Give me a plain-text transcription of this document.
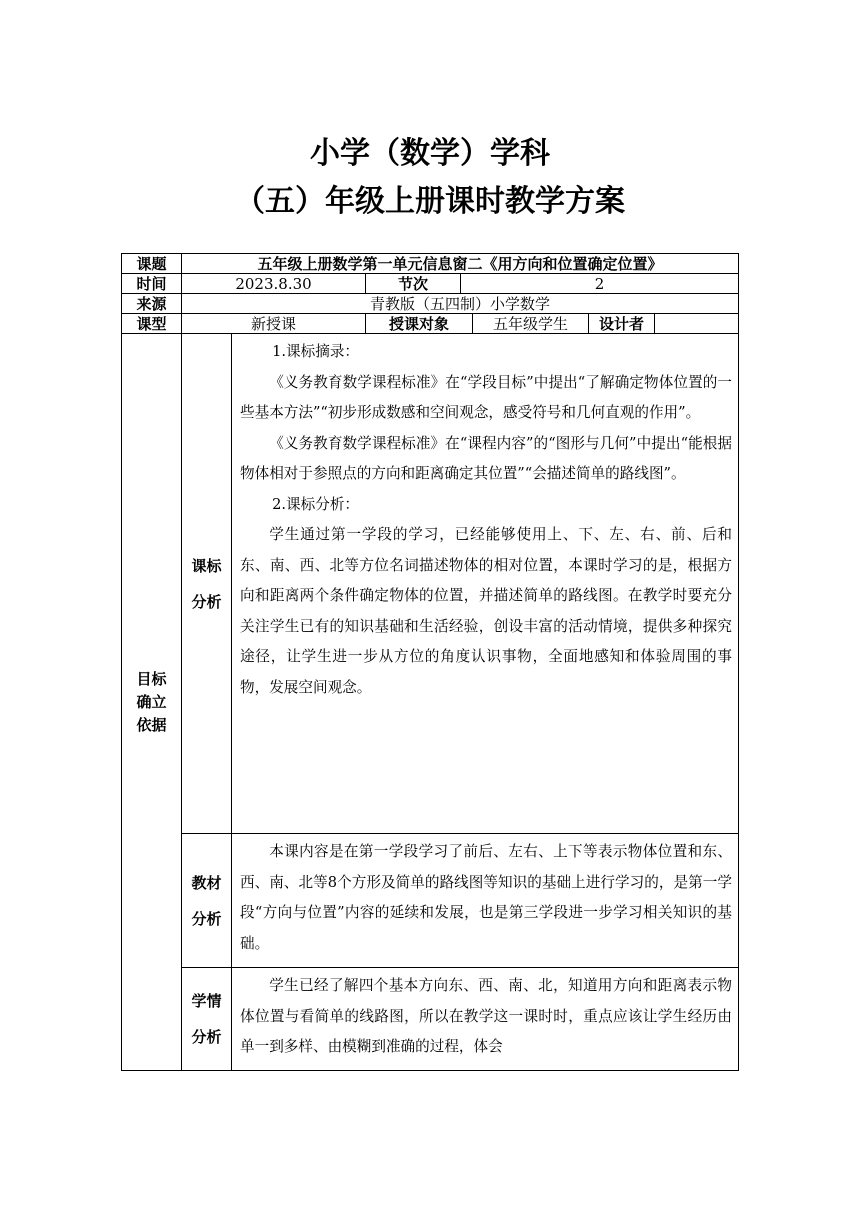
小学（数学）学科
（五）年级上册课时教学方案
课题	五年级上册数学第一单元信息窗二《用方向和位置确定位置》						
时间	2023.8.30		节次	2			
来源	青教版（五四制）小学数学						
课型	新授课		授课对象		五年级学生	设计者	

目标确立依据	课标分析	1.课标摘录：

《义务教育数学课程标准》在“学段目标”中提出“了解确定物体位置的一些基本方法”“初步形成数感和空间观念，感受符号和几何直观的作用”。

《义务教育数学课程标准》在“课程内容”的“图形与几何”中提出“能根据物体相对于参照点的方向和距离确定其位置”“会描述简单的路线图”。

2.课标分析：

学生通过第一学段的学习，已经能够使用上、下、左、右、前、后和东、南、西、北等方位名词描述物体的相对位置，本课时学习的是，根据方向和距离两个条件确定物体的位置，并描述简单的路线图。在教学时要充分关注学生已有的知识基础和生活经验，创设丰富的活动情境，提供多种探究途径，让学生进一步从方位的角度认识事物，全面地感知和体验周围的事物，发展空间观念。					

	教材分析	本课内容是在第一学段学习了前后、左右、上下等表示物体位置和东、西、南、北等8个方形及简单的路线图等知识的基础上进行学习的，是第一学段“方向与位置”内容的延续和发展，也是第三学段进一步学习相关知识的基础。					

	学情分析	学生已经了解四个基本方向东、西、南、北，知道用方向和距离表示物体位置与看简单的线路图，所以在教学这一课时时，重点应该让学生经历由单一到多样、由模糊到准确的过程，体会					
